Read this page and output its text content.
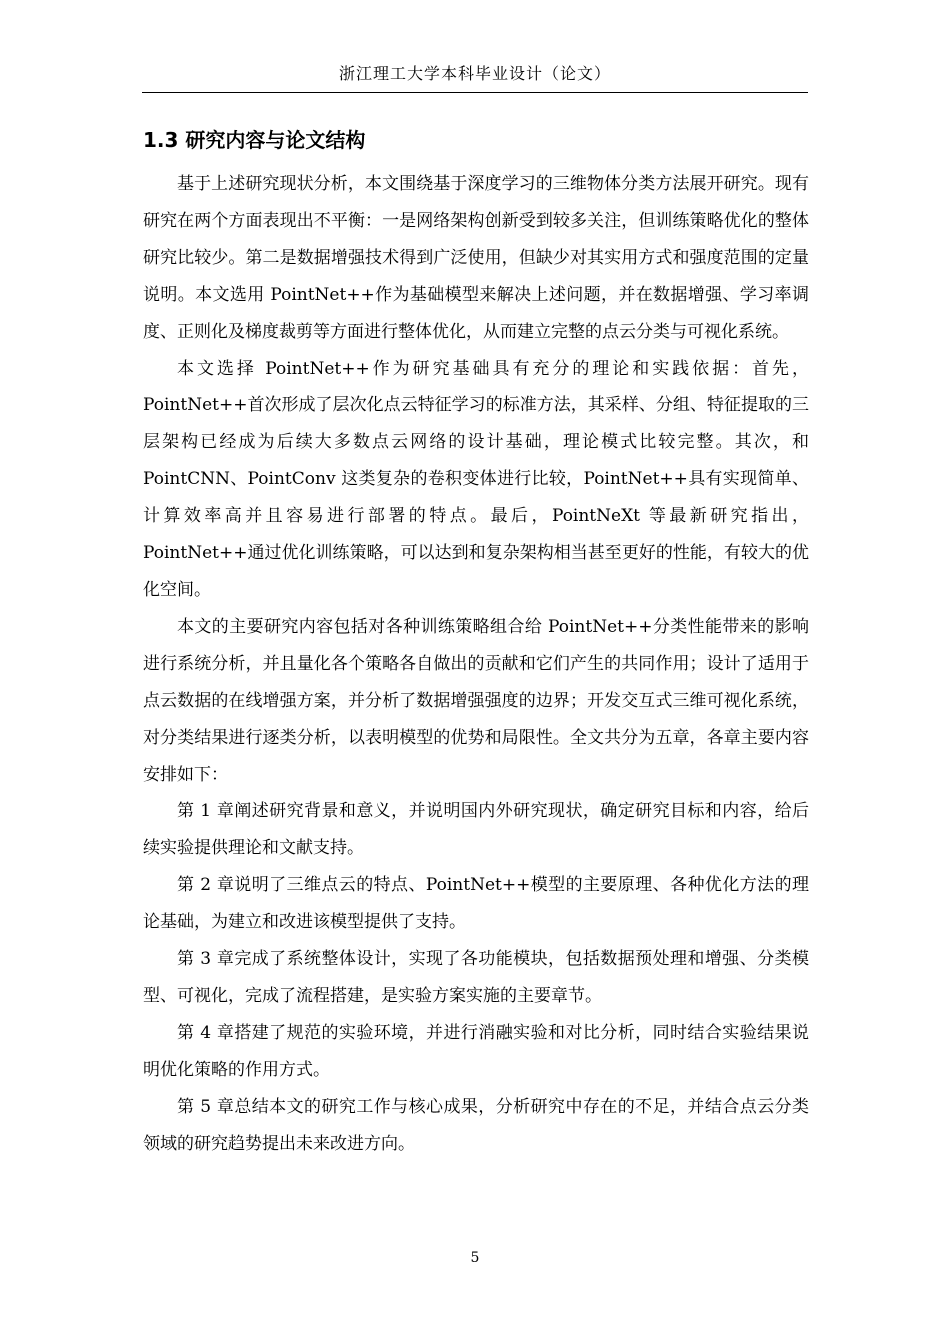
浙江理工大学本科毕业设计（论文）
1.3 研究内容与论文结构

基于上述研究现状分析，本文围绕基于深度学习的三维物体分类方法展开研究。现有研究在两个方面表现出不平衡：一是网络架构创新受到较多关注，但训练策略优化的整体研究比较少。第二是数据增强技术得到广泛使用，但缺少对其实用方式和强度范围的定量说明。本文选用 PointNet++作为基础模型来解决上述问题，并在数据增强、学习率调度、正则化及梯度裁剪等方面进行整体优化，从而建立完整的点云分类与可视化系统。

本文选择 PointNet++作为研究基础具有充分的理论和实践依据：首先，PointNet++首次形成了层次化点云特征学习的标准方法，其采样、分组、特征提取的三层架构已经成为后续大多数点云网络的设计基础，理论模式比较完整。其次，和 PointCNN、PointConv 这类复杂的卷积变体进行比较，PointNet++具有实现简单、计算效率高并且容易进行部署的特点。最后，PointNeXt 等最新研究指出，PointNet++通过优化训练策略，可以达到和复杂架构相当甚至更好的性能，有较大的优化空间。

本文的主要研究内容包括对各种训练策略组合给 PointNet++分类性能带来的影响进行系统分析，并且量化各个策略各自做出的贡献和它们产生的共同作用；设计了适用于点云数据的在线增强方案，并分析了数据增强强度的边界；开发交互式三维可视化系统，对分类结果进行逐类分析，以表明模型的优势和局限性。全文共分为五章，各章主要内容安排如下：

第 1 章阐述研究背景和意义，并说明国内外研究现状，确定研究目标和内容，给后续实验提供理论和文献支持。

第 2 章说明了三维点云的特点、PointNet++模型的主要原理、各种优化方法的理论基础，为建立和改进该模型提供了支持。

第 3 章完成了系统整体设计，实现了各功能模块，包括数据预处理和增强、分类模型、可视化，完成了流程搭建，是实验方案实施的主要章节。

第 4 章搭建了规范的实验环境，并进行消融实验和对比分析，同时结合实验结果说明优化策略的作用方式。

第 5 章总结本文的研究工作与核心成果，分析研究中存在的不足，并结合点云分类领域的研究趋势提出未来改进方向。

5
